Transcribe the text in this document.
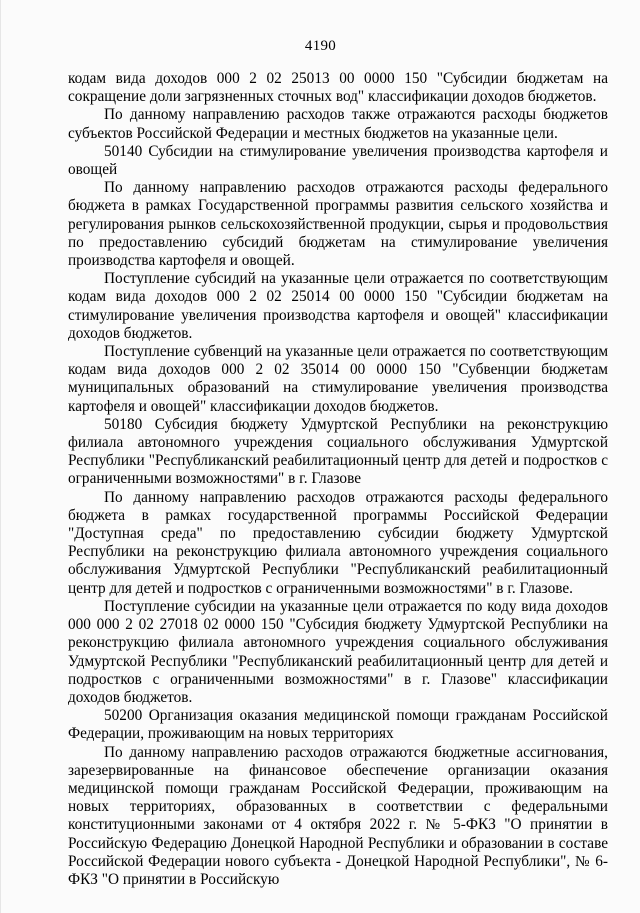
4190

кодам вида доходов 000 2 02 25013 00 0000 150 "Субсидии бюджетам на сокращение доли загрязненных сточных вод" классификации доходов бюджетов.

По данному направлению расходов также отражаются расходы бюджетов субъектов Российской Федерации и местных бюджетов на указанные цели.

50140 Субсидии на стимулирование увеличения производства картофеля и овощей

По данному направлению расходов отражаются расходы федерального бюджета в рамках Государственной программы развития сельского хозяйства и регулирования рынков сельскохозяйственной продукции, сырья и продовольствия по предоставлению субсидий бюджетам на стимулирование увеличения производства картофеля и овощей.

Поступление субсидий на указанные цели отражается по соответствующим кодам вида доходов 000 2 02 25014 00 0000 150 "Субсидии бюджетам на стимулирование увеличения производства картофеля и овощей" классификации доходов бюджетов.

Поступление субвенций на указанные цели отражается по соответствующим кодам вида доходов 000 2 02 35014 00 0000 150 "Субвенции бюджетам муниципальных образований на стимулирование увеличения производства картофеля и овощей" классификации доходов бюджетов.

50180 Субсидия бюджету Удмуртской Республики на реконструкцию филиала автономного учреждения социального обслуживания Удмуртской Республики "Республиканский реабилитационный центр для детей и подростков с ограниченными возможностями" в г. Глазове

По данному направлению расходов отражаются расходы федерального бюджета в рамках государственной программы Российской Федерации "Доступная среда" по предоставлению субсидии бюджету Удмуртской Республики на реконструкцию филиала автономного учреждения социального обслуживания Удмуртской Республики "Республиканский реабилитационный центр для детей и подростков с ограниченными возможностями" в г. Глазове.

Поступление субсидии на указанные цели отражается по коду вида доходов 000 000 2 02 27018 02 0000 150 "Субсидия бюджету Удмуртской Республики на реконструкцию филиала автономного учреждения социального обслуживания Удмуртской Республики "Республиканский реабилитационный центр для детей и подростков с ограниченными возможностями" в г. Глазове" классификации доходов бюджетов.

50200 Организация оказания медицинской помощи гражданам Российской Федерации, проживающим на новых территориях

По данному направлению расходов отражаются бюджетные ассигнования, зарезервированные на финансовое обеспечение организации оказания медицинской помощи гражданам Российской Федерации, проживающим на новых территориях, образованных в соответствии с федеральными конституционными законами от 4 октября 2022 г. № 5-ФКЗ "О принятии в Российскую Федерацию Донецкой Народной Республики и образовании в составе Российской Федерации нового субъекта - Донецкой Народной Республики", № 6-ФКЗ "О принятии в Российскую
